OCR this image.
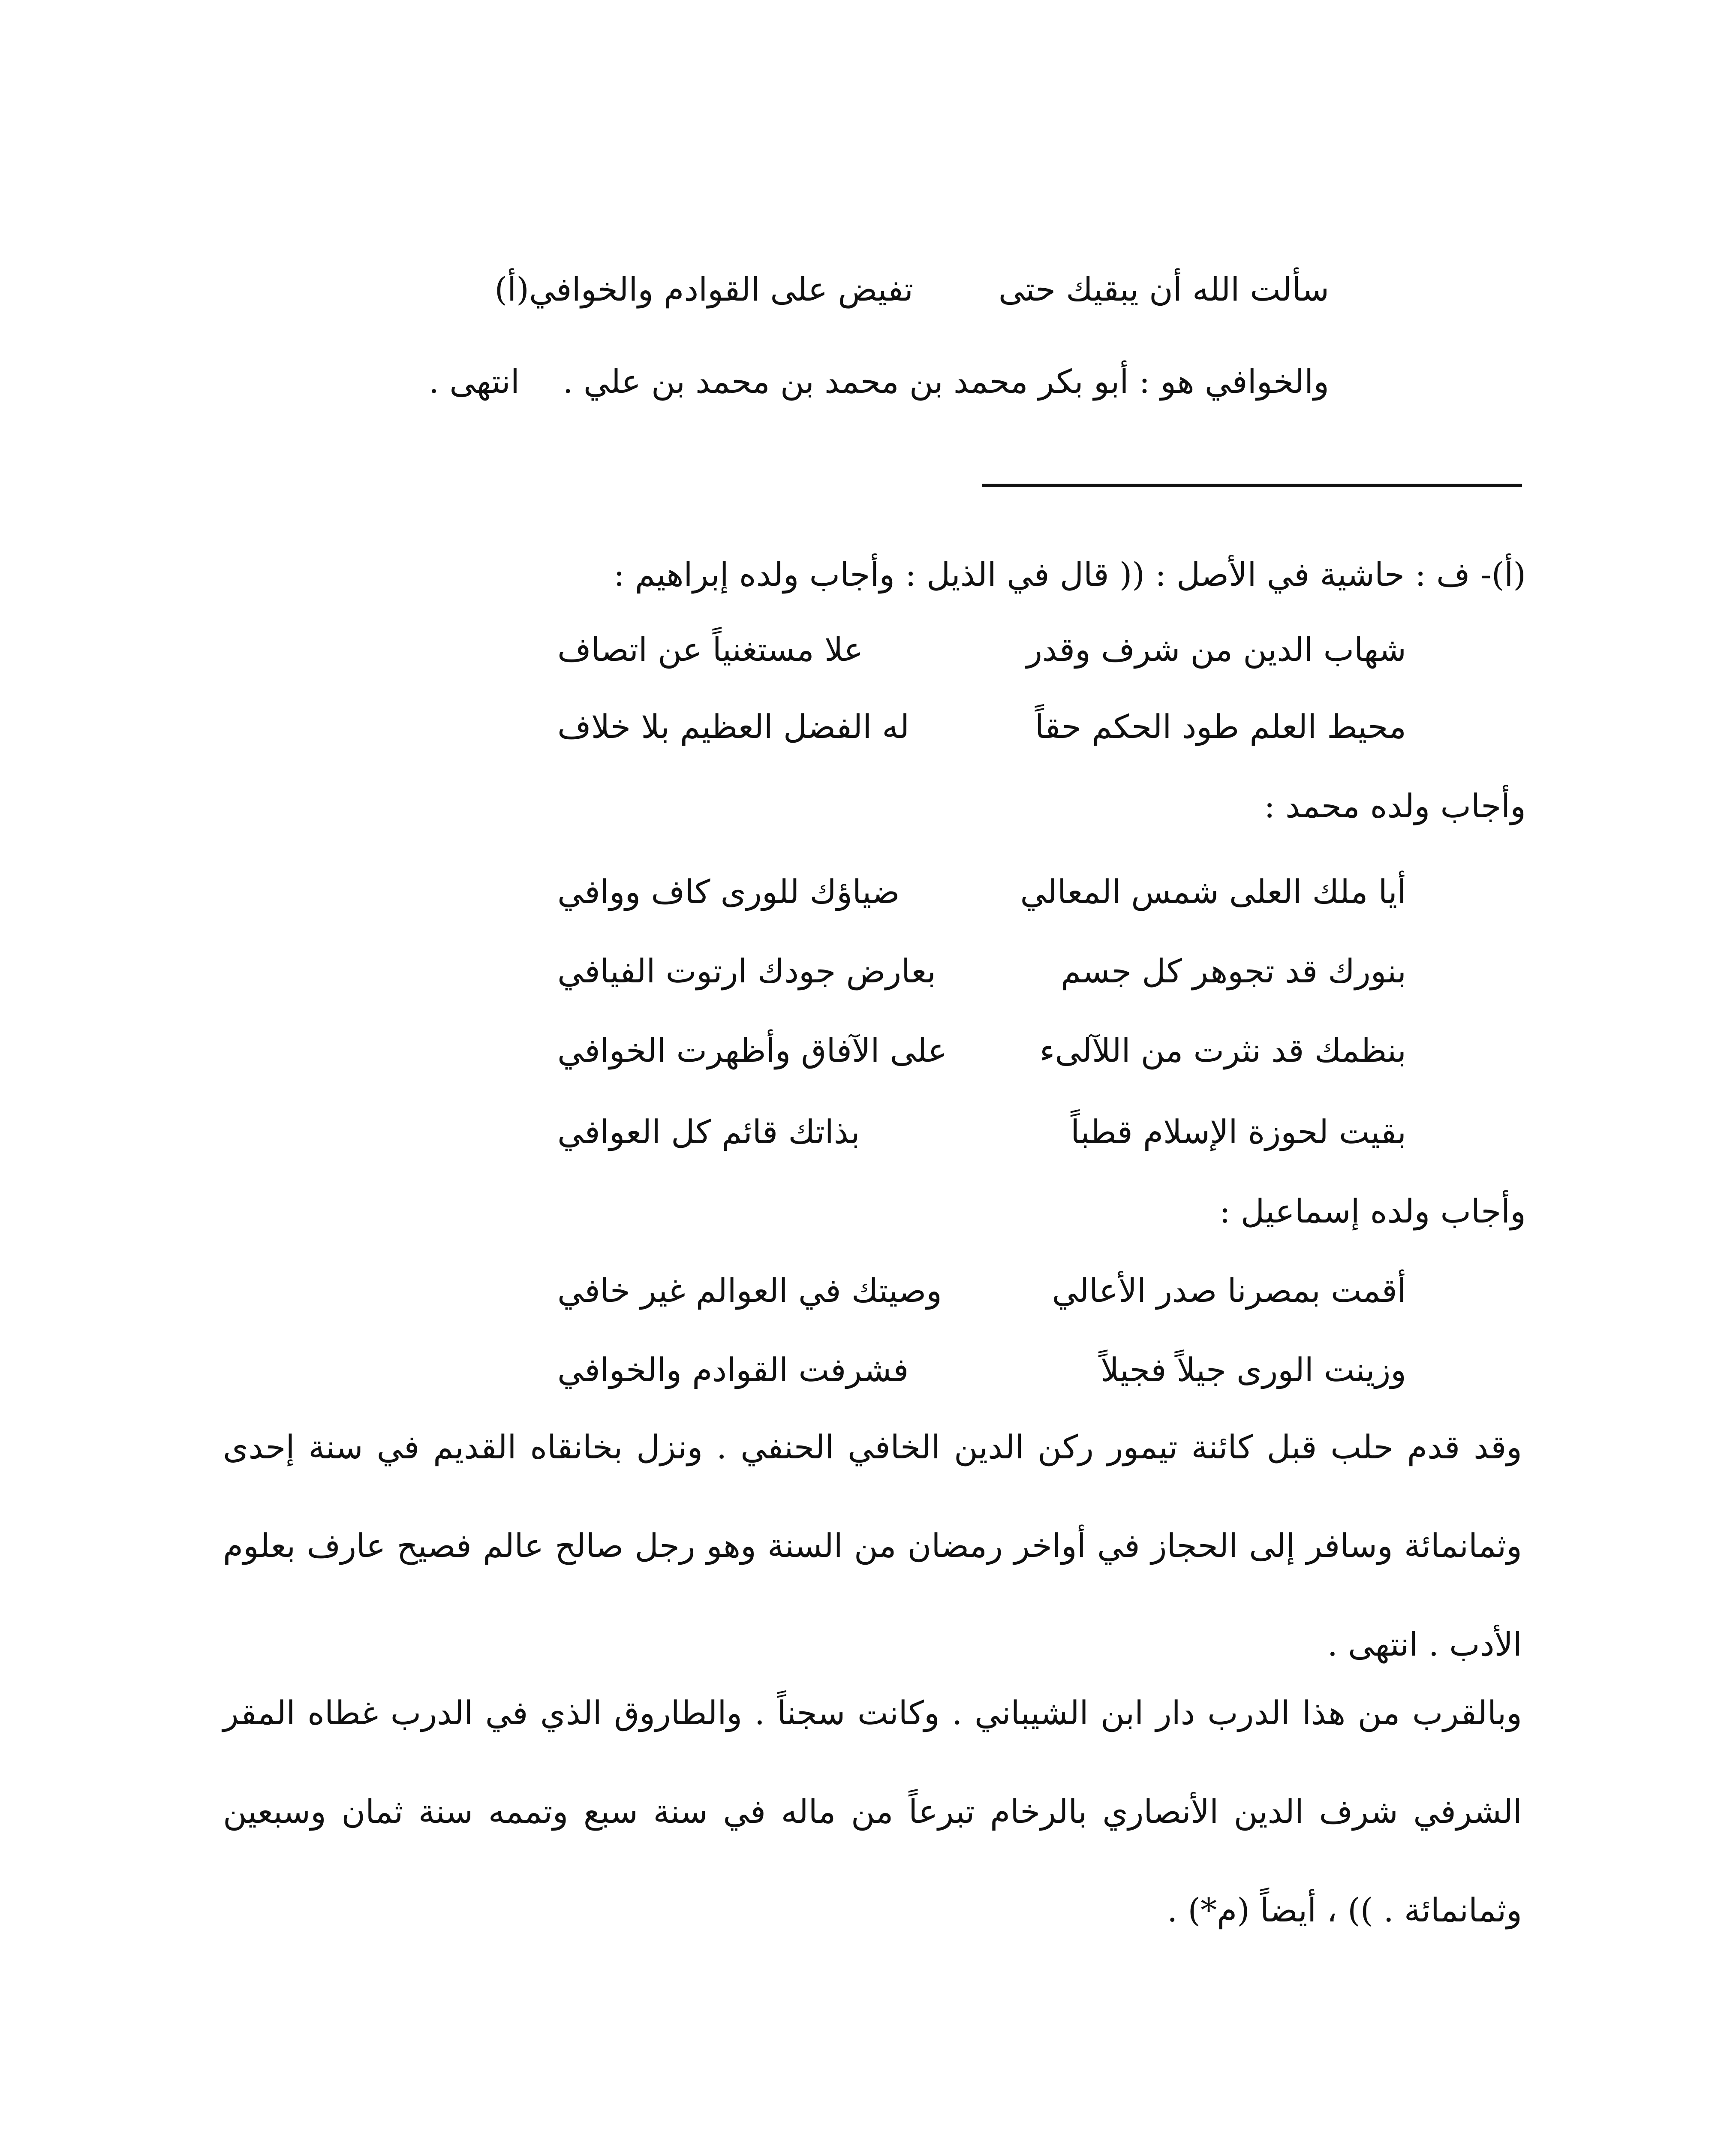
سألت الله أن يبقيك حتى
تفيض على القوادم والخوافي(أ)
والخوافي هو : أبو بكر محمد بن محمد بن محمد بن علي .
انتهى .
(أ)- ف : حاشية في الأصل : (( قال في الذيل : وأجاب ولده إبراهيم :
شهاب الدين من شرف وقدر
علا مستغنياً عن اتصاف
محيط العلم طود الحكم حقاً
له الفضل العظيم بلا خلاف
وأجاب ولده محمد :
أيا ملك العلى شمس المعالي
ضياؤك للورى كاف ووافي
بنورك قد تجوهر كل جسم
بعارض جودك ارتوت الفيافي
بنظمك قد نثرت من اللآلىء
على الآفاق وأظهرت الخوافي
بقيت لحوزة الإسلام قطباً
بذاتك قائم كل العوافي
وأجاب ولده إسماعيل :
أقمت بمصرنا صدر الأعالي
وصيتك في العوالم غير خافي
وزينت الورى جيلاً فجيلاً
فشرفت القوادم والخوافي
وقد قدم حلب قبل كائنة تيمور ركن الدين الخافي الحنفي . ونزل بخانقاه القديم في سنة إحدى وثمانمائة وسافر إلى الحجاز في أواخر رمضان من السنة وهو رجل صالح عالم فصيح عارف بعلوم الأدب . انتهى .
وبالقرب من هذا الدرب دار ابن الشيباني . وكانت سجناً . والطاروق الذي في الدرب غطاه المقر الشرفي شرف الدين الأنصاري بالرخام تبرعاً من ماله في سنة سبع وتممه سنة ثمان وسبعين وثمانمائة . )) ، أيضاً (م*) .
